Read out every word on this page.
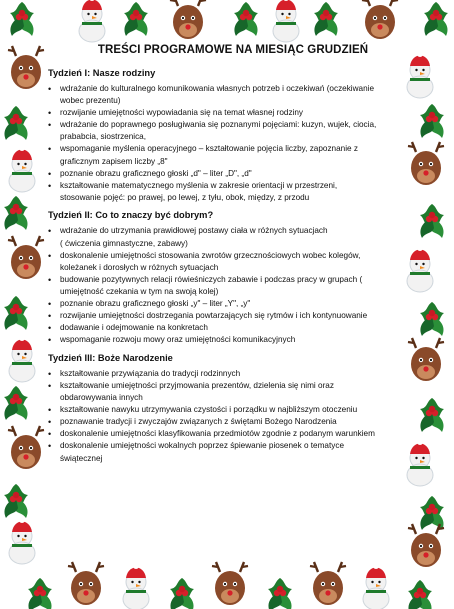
TREŚCI PROGRAMOWE NA MIESIĄC GRUDZIEŃ
Tydzień I: Nasze rodziny
• wdrażanie do kulturalnego komunikowania własnych potrzeb i oczekiwań (oczekiwanie
wobec prezentu)
• rozwijanie umiejętności wypowiadania się na temat własnej rodziny
• wdrażanie do poprawnego posługiwania się poznanymi pojęciami: kuzyn, wujek, ciocia,
prababcia, siostrzenica,
• wspomaganie myślenia operacyjnego – kształtowanie pojęcia liczby, zapoznanie z
graficznym zapisem liczby „8"
• poznanie obrazu graficznego głoski „d" – liter „D", „d"
• kształtowanie matematycznego myślenia w zakresie orientacji w przestrzeni,
stosowanie pojęć: po prawej, po lewej, z tyłu, obok, między, z przodu
Tydzień II: Co to znaczy być dobrym?
• wdrażanie do utrzymania prawidłowej postawy ciała w różnych sytuacjach
( ćwiczenia gimnastyczne, zabawy)
• doskonalenie umiejętności stosowania zwrotów grzecznościowych wobec kolegów,
koleżanek i dorosłych w różnych sytuacjach
• budowanie pozytywnych relacji rówieśniczych zabawie i podczas pracy w grupach (
umiejętność czekania w tym na swoją kolej)
• poznanie obrazu graficznego głoski „y" – liter „Y", „y"
• rozwijanie umiejętności dostrzegania powtarzających się rytmów i ich kontynuowanie
• dodawanie i odejmowanie na konkretach
• wspomaganie rozwoju mowy oraz umiejętności komunikacyjnych
Tydzień III: Boże Narodzenie
• kształtowanie przywiązania do tradycji rodzinnych
• kształtowanie umiejętności przyjmowania prezentów, dzielenia się nimi oraz
obdarowywania innych
• kształtowanie nawyku utrzymywania czystości i porządku w najbliższym otoczeniu
• poznawanie tradycji i zwyczajów związanych z świętami Bożego Narodzenia
• doskonalenie umiejętności klasyfikowania przedmiotów zgodnie z podanym warunkiem
• doskonalenie umiejętności wokalnych poprzez śpiewanie piosenek o tematyce
świątecznej
